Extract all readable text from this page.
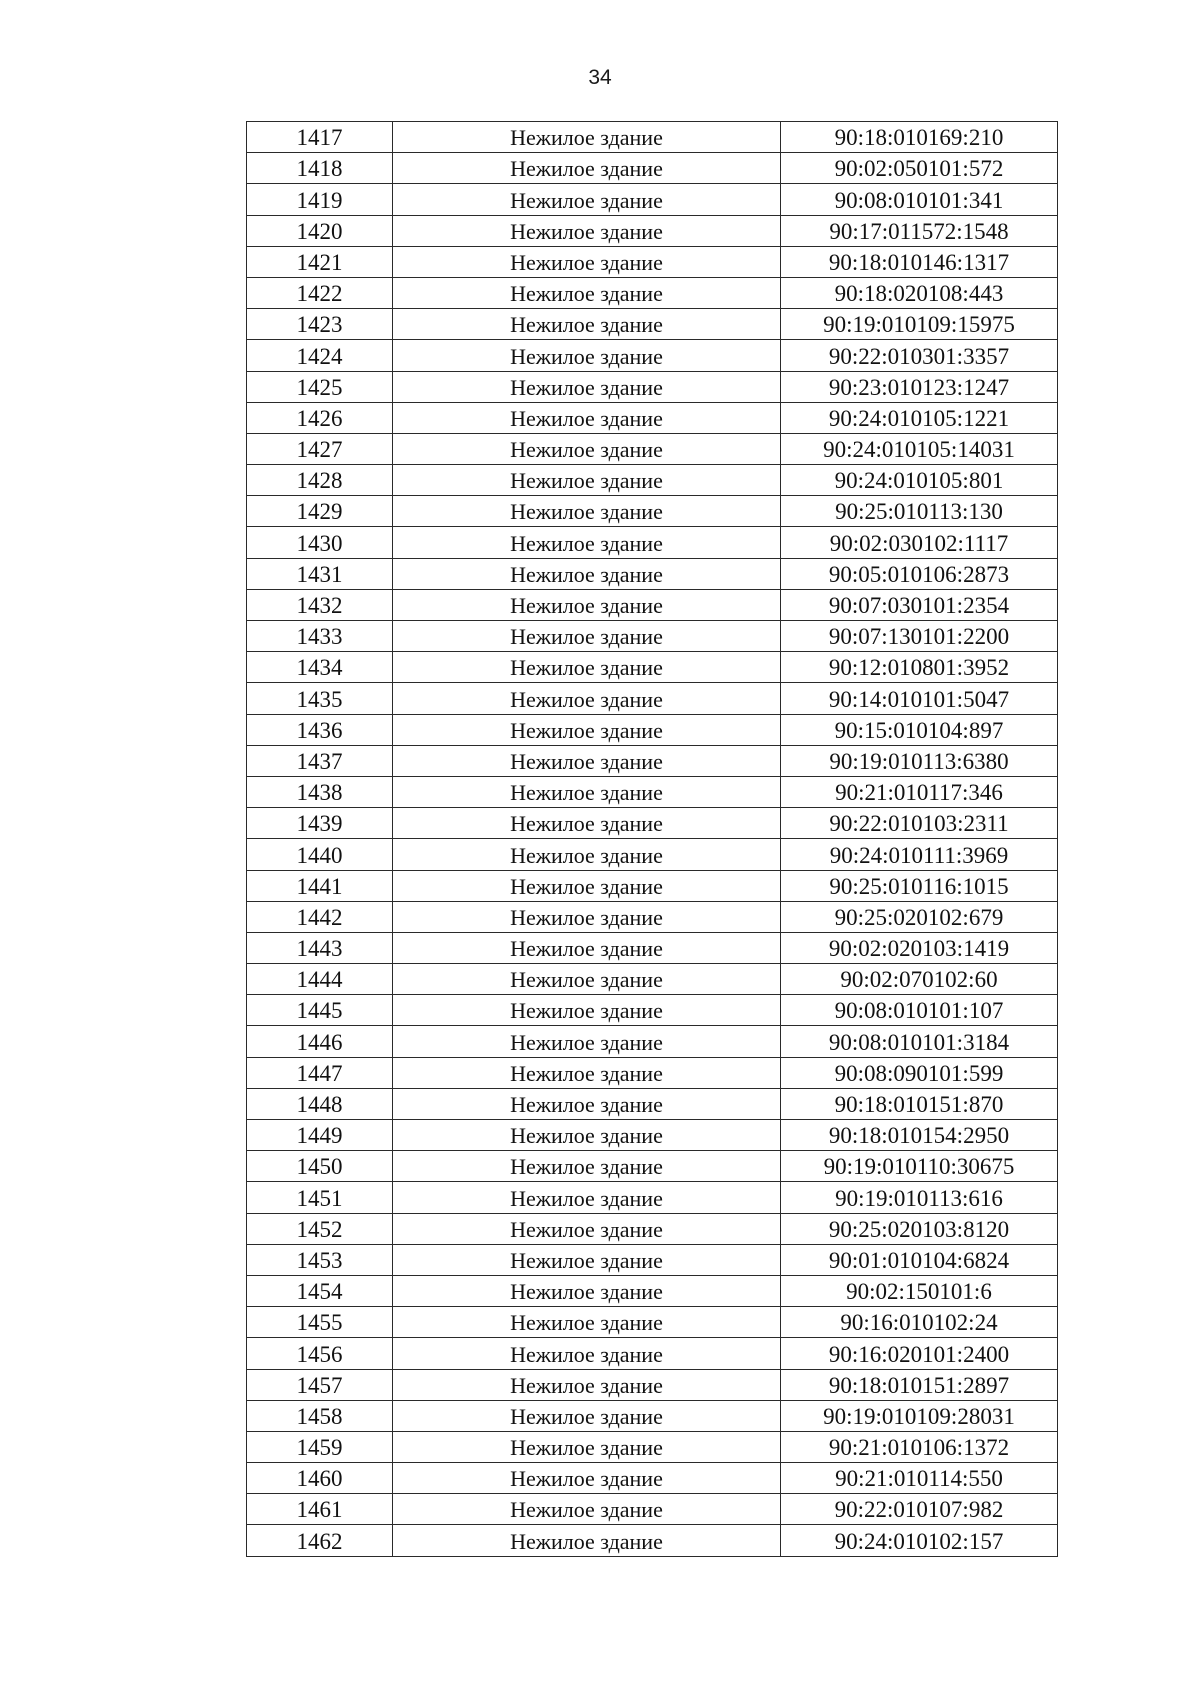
34
1417	Нежилое здание	90:18:010169:210
1418	Нежилое здание	90:02:050101:572
1419	Нежилое здание	90:08:010101:341
1420	Нежилое здание	90:17:011572:1548
1421	Нежилое здание	90:18:010146:1317
1422	Нежилое здание	90:18:020108:443
1423	Нежилое здание	90:19:010109:15975
1424	Нежилое здание	90:22:010301:3357
1425	Нежилое здание	90:23:010123:1247
1426	Нежилое здание	90:24:010105:1221
1427	Нежилое здание	90:24:010105:14031
1428	Нежилое здание	90:24:010105:801
1429	Нежилое здание	90:25:010113:130
1430	Нежилое здание	90:02:030102:1117
1431	Нежилое здание	90:05:010106:2873
1432	Нежилое здание	90:07:030101:2354
1433	Нежилое здание	90:07:130101:2200
1434	Нежилое здание	90:12:010801:3952
1435	Нежилое здание	90:14:010101:5047
1436	Нежилое здание	90:15:010104:897
1437	Нежилое здание	90:19:010113:6380
1438	Нежилое здание	90:21:010117:346
1439	Нежилое здание	90:22:010103:2311
1440	Нежилое здание	90:24:010111:3969
1441	Нежилое здание	90:25:010116:1015
1442	Нежилое здание	90:25:020102:679
1443	Нежилое здание	90:02:020103:1419
1444	Нежилое здание	90:02:070102:60
1445	Нежилое здание	90:08:010101:107
1446	Нежилое здание	90:08:010101:3184
1447	Нежилое здание	90:08:090101:599
1448	Нежилое здание	90:18:010151:870
1449	Нежилое здание	90:18:010154:2950
1450	Нежилое здание	90:19:010110:30675
1451	Нежилое здание	90:19:010113:616
1452	Нежилое здание	90:25:020103:8120
1453	Нежилое здание	90:01:010104:6824
1454	Нежилое здание	90:02:150101:6
1455	Нежилое здание	90:16:010102:24
1456	Нежилое здание	90:16:020101:2400
1457	Нежилое здание	90:18:010151:2897
1458	Нежилое здание	90:19:010109:28031
1459	Нежилое здание	90:21:010106:1372
1460	Нежилое здание	90:21:010114:550
1461	Нежилое здание	90:22:010107:982
1462	Нежилое здание	90:24:010102:157
